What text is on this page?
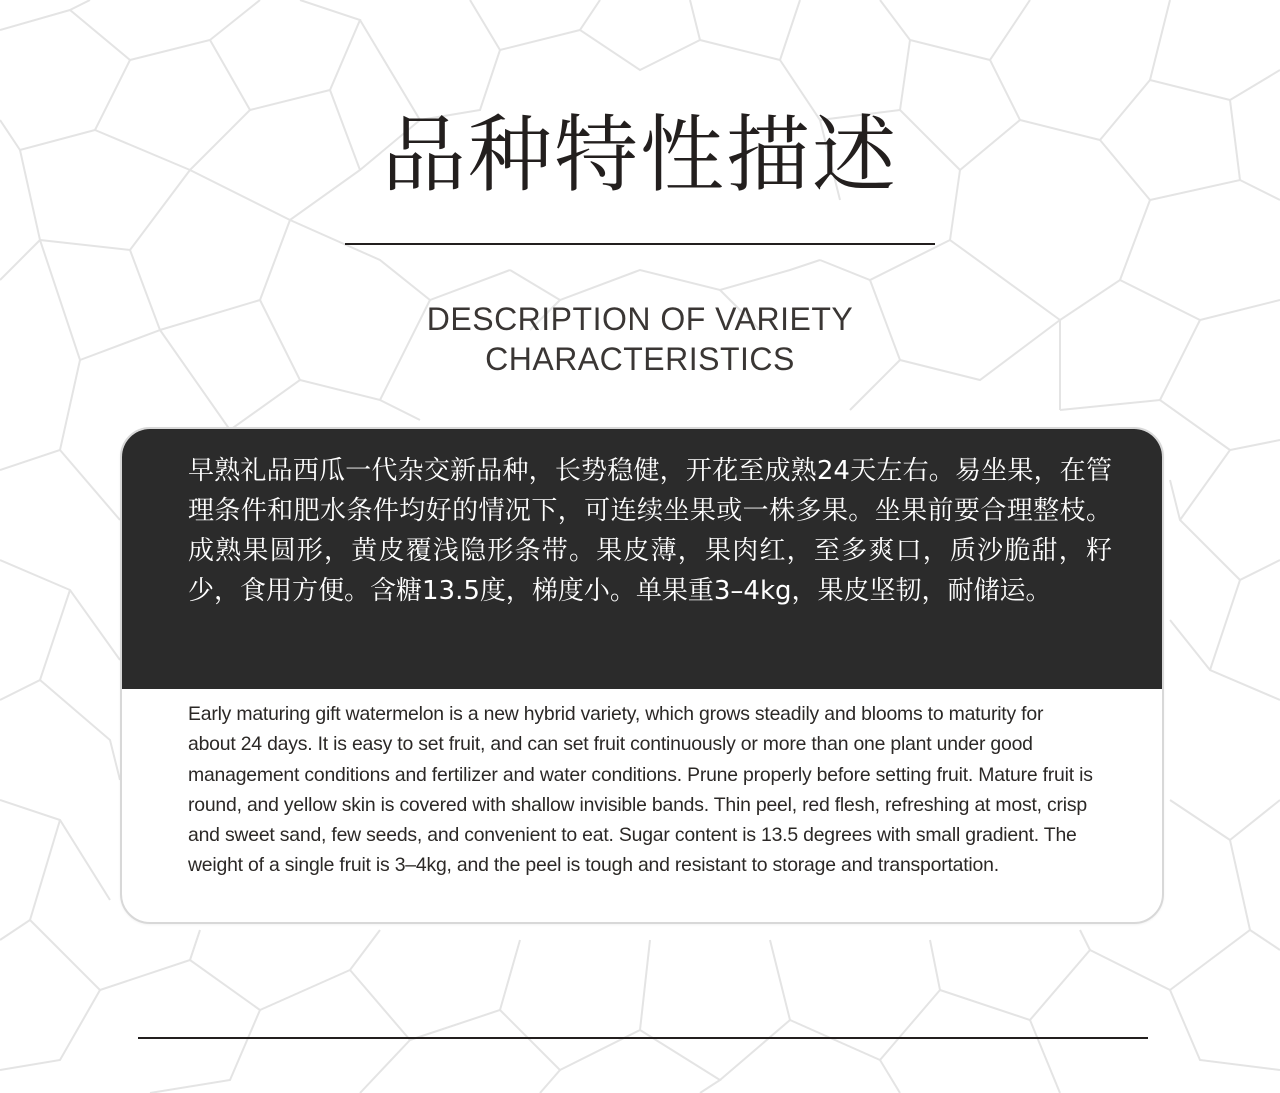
品种特性描述
DESCRIPTION OF VARIETY
CHARACTERISTICS

早熟礼品西瓜一代杂交新品种，长势稳健，开花至成熟24天左右。易坐果，在管理条件和肥水条件均好的情况下，可连续坐果或一株多果。坐果前要合理整枝。成熟果圆形，黄皮覆浅隐形条带。果皮薄，果肉红，至多爽口，质沙脆甜，籽少，食用方便。含糖13.5度，梯度小。单果重3–4kg，果皮坚韧，耐储运。

Early maturing gift watermelon is a new hybrid variety, which grows steadily and blooms to maturity for about 24 days. It is easy to set fruit, and can set fruit continuously or more than one plant under good management conditions and fertilizer and water conditions. Prune properly before setting fruit. Mature fruit is round, and yellow skin is covered with shallow invisible bands. Thin peel, red flesh, refreshing at most, crisp and sweet sand, few seeds, and convenient to eat. Sugar content is 13.5 degrees with small gradient. The weight of a single fruit is 3–4kg, and the peel is tough and resistant to storage and transportation.
